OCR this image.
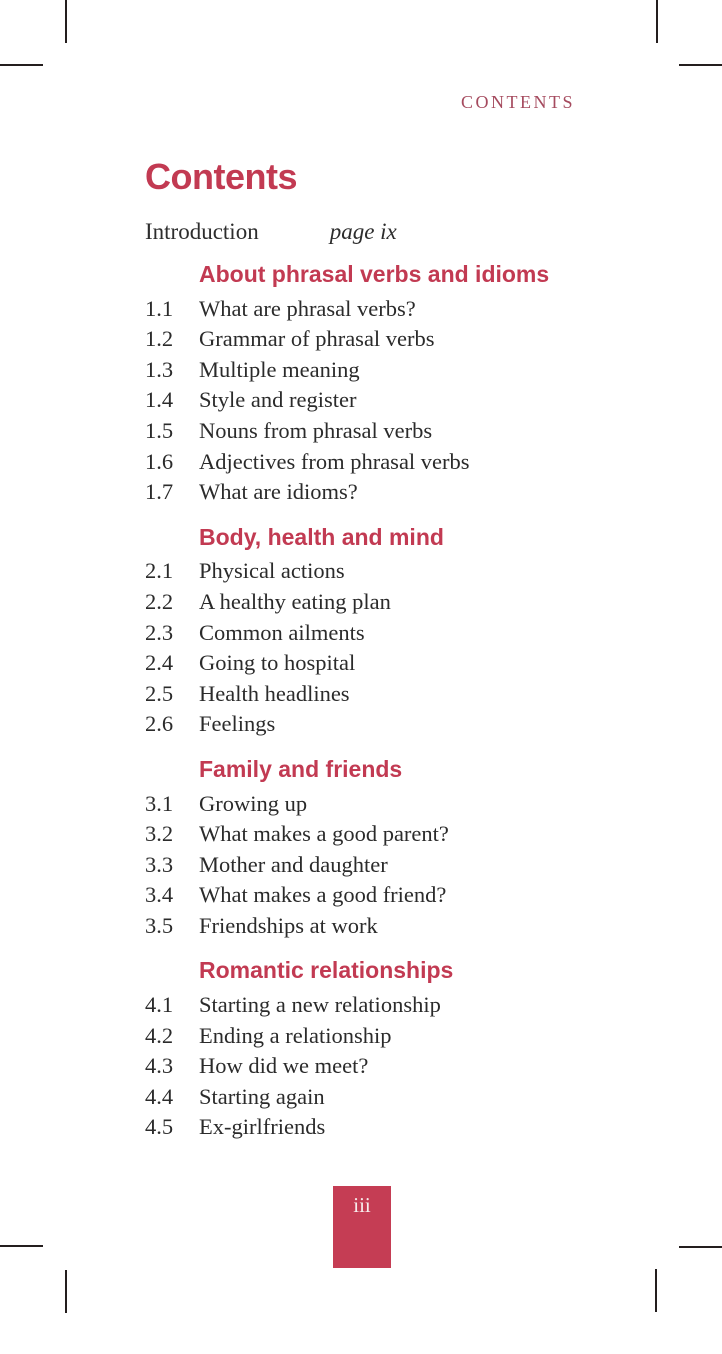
CONTENTS
Contents
Introduction	page ix
About phrasal verbs and idioms
1.1	What are phrasal verbs?
1.2	Grammar of phrasal verbs
1.3	Multiple meaning
1.4	Style and register
1.5	Nouns from phrasal verbs
1.6	Adjectives from phrasal verbs
1.7	What are idioms?
Body, health and mind
2.1	Physical actions
2.2	A healthy eating plan
2.3	Common ailments
2.4	Going to hospital
2.5	Health headlines
2.6	Feelings
Family and friends
3.1	Growing up
3.2	What makes a good parent?
3.3	Mother and daughter
3.4	What makes a good friend?
3.5	Friendships at work
Romantic relationships
4.1	Starting a new relationship
4.2	Ending a relationship
4.3	How did we meet?
4.4	Starting again
4.5	Ex-girlfriends
iii
